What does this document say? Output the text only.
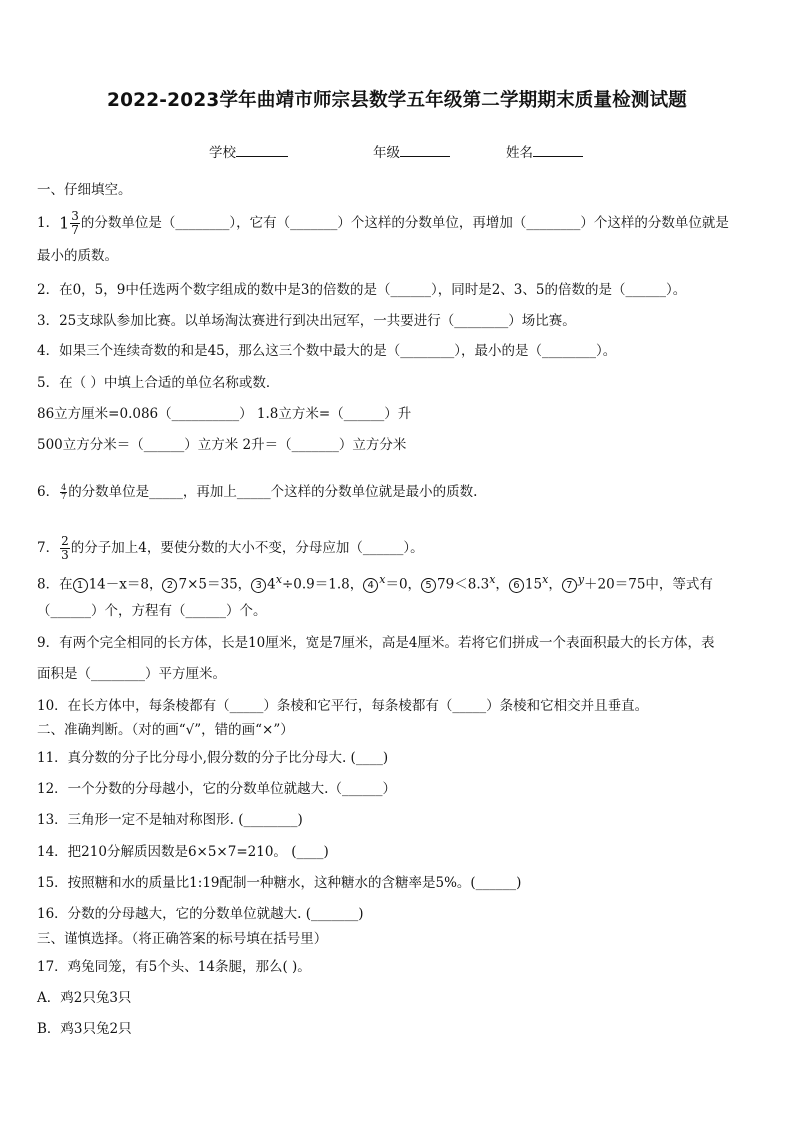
2022-2023学年曲靖市师宗县数学五年级第二学期期末质量检测试题
学校	年级	姓名
一、仔细填空。
1．$1 \frac{3}{7}$ 的分数单位是（________），它有（_______）个这样的分数单位，再增加（________）个这样的分数单位就是
最小的质数。
2．在0，5，9中任选两个数字组成的数中是3的倍数的是（______），同时是2、3、5的倍数的是（______）。
3．25支球队参加比赛。以单场淘汰赛进行到决出冠军，一共要进行（________）场比赛。
4．如果三个连续奇数的和是45，那么这三个数中最大的是（________），最小的是（________）。
5．在（ ）中填上合适的单位名称或数．
86立方厘米=0.086（__________） 1.8立方米=（______）升
500立方分米＝（______）立方米 2升＝（_______）立方分米
6． $\frac{4}{7}$ 的分数单位是_____，再加上_____个这样的分数单位就是最小的质数.
7． $\frac{2}{3}$ 的分子加上4，要使分数的大小不变，分母应加（______）。
8．在 1 14－x＝8， 2 7×5＝35， 3 $4^x\div 0.9=1.8$， 4 $^x$＝0， 5 $79<8.3^x$， 6 15$^x$， 7 $^y$＋20＝75中，等式有
（______）个，方程有（______）个。
9．有两个完全相同的长方体，长是10厘米，宽是7厘米，高是4厘米。若将它们拼成一个表面积最大的长方体，表
面积是（________）平方厘米。
10．在长方体中，每条棱都有（_____）条棱和它平行，每条棱都有（_____）条棱和它相交并且垂直。
二、准确判断。（对的画“√”，错的画“×”）
11．真分数的分子比分母小,假分数的分子比分母大. (____)
12．一个分数的分母越小，它的分数单位就越大.（______）
13．三角形一定不是轴对称图形. (________)
14．把210分解质因数是6×5×7=210。 (____)
15．按照糖和水的质量比1:19配制一种糖水，这种糖水的含糖率是5%。(______)
16．分数的分母越大，它的分数单位就越大. (_______)
三、谨慎选择。（将正确答案的标号填在括号里）
17．鸡兔同笼，有5个头、14条腿，那么( )。
A．鸡2只兔3只
B．鸡3只兔2只
